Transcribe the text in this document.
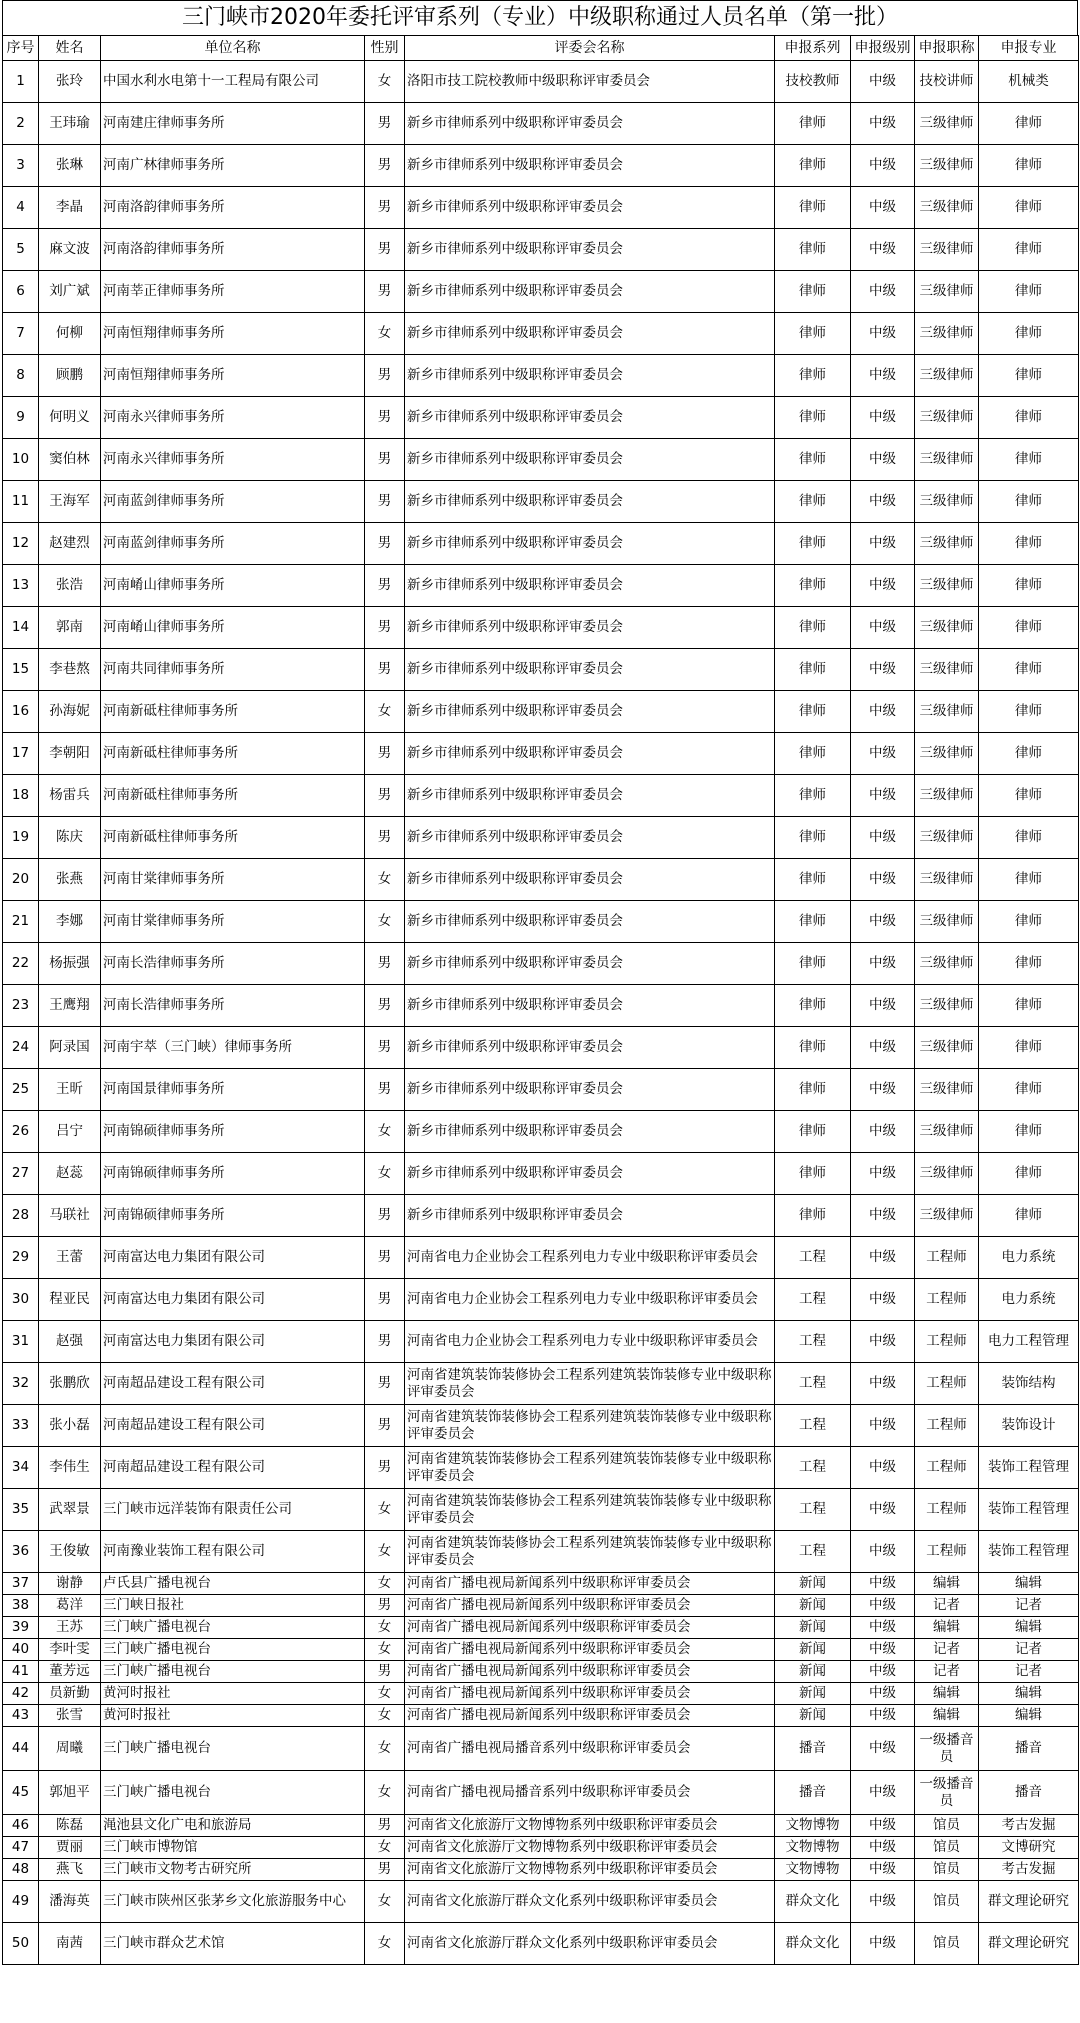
三门峡市2020年委托评审系列（专业）中级职称通过人员名单（第一批）
序号	姓名	单位名称	性别	评委会名称	申报系列	申报级别	申报职称	申报专业
1	张玲	中国水利水电第十一工程局有限公司	女	洛阳市技工院校教师中级职称评审委员会	技校教师	中级	技校讲师	机械类
2	王玮瑜	河南建庄律师事务所	男	新乡市律师系列中级职称评审委员会	律师	中级	三级律师	律师
3	张琳	河南广林律师事务所	男	新乡市律师系列中级职称评审委员会	律师	中级	三级律师	律师
4	李晶	河南洛韵律师事务所	男	新乡市律师系列中级职称评审委员会	律师	中级	三级律师	律师
5	麻文波	河南洛韵律师事务所	男	新乡市律师系列中级职称评审委员会	律师	中级	三级律师	律师
6	刘广斌	河南莘正律师事务所	男	新乡市律师系列中级职称评审委员会	律师	中级	三级律师	律师
7	何柳	河南恒翔律师事务所	女	新乡市律师系列中级职称评审委员会	律师	中级	三级律师	律师
8	顾鹏	河南恒翔律师事务所	男	新乡市律师系列中级职称评审委员会	律师	中级	三级律师	律师
9	何明义	河南永兴律师事务所	男	新乡市律师系列中级职称评审委员会	律师	中级	三级律师	律师
10	窦伯林	河南永兴律师事务所	男	新乡市律师系列中级职称评审委员会	律师	中级	三级律师	律师
11	王海军	河南蓝剑律师事务所	男	新乡市律师系列中级职称评审委员会	律师	中级	三级律师	律师
12	赵建烈	河南蓝剑律师事务所	男	新乡市律师系列中级职称评审委员会	律师	中级	三级律师	律师
13	张浩	河南崤山律师事务所	男	新乡市律师系列中级职称评审委员会	律师	中级	三级律师	律师
14	郭南	河南崤山律师事务所	男	新乡市律师系列中级职称评审委员会	律师	中级	三级律师	律师
15	李巷熬	河南共同律师事务所	男	新乡市律师系列中级职称评审委员会	律师	中级	三级律师	律师
16	孙海妮	河南新砥柱律师事务所	女	新乡市律师系列中级职称评审委员会	律师	中级	三级律师	律师
17	李朝阳	河南新砥柱律师事务所	男	新乡市律师系列中级职称评审委员会	律师	中级	三级律师	律师
18	杨雷兵	河南新砥柱律师事务所	男	新乡市律师系列中级职称评审委员会	律师	中级	三级律师	律师
19	陈庆	河南新砥柱律师事务所	男	新乡市律师系列中级职称评审委员会	律师	中级	三级律师	律师
20	张燕	河南甘棠律师事务所	女	新乡市律师系列中级职称评审委员会	律师	中级	三级律师	律师
21	李娜	河南甘棠律师事务所	女	新乡市律师系列中级职称评审委员会	律师	中级	三级律师	律师
22	杨振强	河南长浩律师事务所	男	新乡市律师系列中级职称评审委员会	律师	中级	三级律师	律师
23	王鹰翔	河南长浩律师事务所	男	新乡市律师系列中级职称评审委员会	律师	中级	三级律师	律师
24	阿录国	河南宇萃（三门峡）律师事务所	男	新乡市律师系列中级职称评审委员会	律师	中级	三级律师	律师
25	王昕	河南国景律师事务所	男	新乡市律师系列中级职称评审委员会	律师	中级	三级律师	律师
26	吕宁	河南锦硕律师事务所	女	新乡市律师系列中级职称评审委员会	律师	中级	三级律师	律师
27	赵蕊	河南锦硕律师事务所	女	新乡市律师系列中级职称评审委员会	律师	中级	三级律师	律师
28	马联社	河南锦硕律师事务所	男	新乡市律师系列中级职称评审委员会	律师	中级	三级律师	律师
29	王蕾	河南富达电力集团有限公司	男	河南省电力企业协会工程系列电力专业中级职称评审委员会	工程	中级	工程师	电力系统
30	程亚民	河南富达电力集团有限公司	男	河南省电力企业协会工程系列电力专业中级职称评审委员会	工程	中级	工程师	电力系统
31	赵强	河南富达电力集团有限公司	男	河南省电力企业协会工程系列电力专业中级职称评审委员会	工程	中级	工程师	电力工程管理
32	张鹏欣	河南超品建设工程有限公司	男	河南省建筑装饰装修协会工程系列建筑装饰装修专业中级职称评审委员会	工程	中级	工程师	装饰结构
33	张小磊	河南超品建设工程有限公司	男	河南省建筑装饰装修协会工程系列建筑装饰装修专业中级职称评审委员会	工程	中级	工程师	装饰设计
34	李伟生	河南超品建设工程有限公司	男	河南省建筑装饰装修协会工程系列建筑装饰装修专业中级职称评审委员会	工程	中级	工程师	装饰工程管理
35	武翠景	三门峡市远洋装饰有限责任公司	女	河南省建筑装饰装修协会工程系列建筑装饰装修专业中级职称评审委员会	工程	中级	工程师	装饰工程管理
36	王俊敏	河南豫业装饰工程有限公司	女	河南省建筑装饰装修协会工程系列建筑装饰装修专业中级职称评审委员会	工程	中级	工程师	装饰工程管理
37	谢静	卢氏县广播电视台	女	河南省广播电视局新闻系列中级职称评审委员会	新闻	中级	编辑	编辑
38	葛洋	三门峡日报社	男	河南省广播电视局新闻系列中级职称评审委员会	新闻	中级	记者	记者
39	王苏	三门峡广播电视台	女	河南省广播电视局新闻系列中级职称评审委员会	新闻	中级	编辑	编辑
40	李叶雯	三门峡广播电视台	女	河南省广播电视局新闻系列中级职称评审委员会	新闻	中级	记者	记者
41	董芳远	三门峡广播电视台	男	河南省广播电视局新闻系列中级职称评审委员会	新闻	中级	记者	记者
42	员新勤	黄河时报社	女	河南省广播电视局新闻系列中级职称评审委员会	新闻	中级	编辑	编辑
43	张雪	黄河时报社	女	河南省广播电视局新闻系列中级职称评审委员会	新闻	中级	编辑	编辑
44	周曦	三门峡广播电视台	女	河南省广播电视局播音系列中级职称评审委员会	播音	中级	一级播音员	播音
45	郭旭平	三门峡广播电视台	女	河南省广播电视局播音系列中级职称评审委员会	播音	中级	一级播音员	播音
46	陈磊	渑池县文化广电和旅游局	男	河南省文化旅游厅文物博物系列中级职称评审委员会	文物博物	中级	馆员	考古发掘
47	贾丽	三门峡市博物馆	女	河南省文化旅游厅文物博物系列中级职称评审委员会	文物博物	中级	馆员	文博研究
48	燕飞	三门峡市文物考古研究所	男	河南省文化旅游厅文物博物系列中级职称评审委员会	文物博物	中级	馆员	考古发掘
49	潘海英	三门峡市陕州区张茅乡文化旅游服务中心	女	河南省文化旅游厅群众文化系列中级职称评审委员会	群众文化	中级	馆员	群文理论研究
50	南茜	三门峡市群众艺术馆	女	河南省文化旅游厅群众文化系列中级职称评审委员会	群众文化	中级	馆员	群文理论研究
